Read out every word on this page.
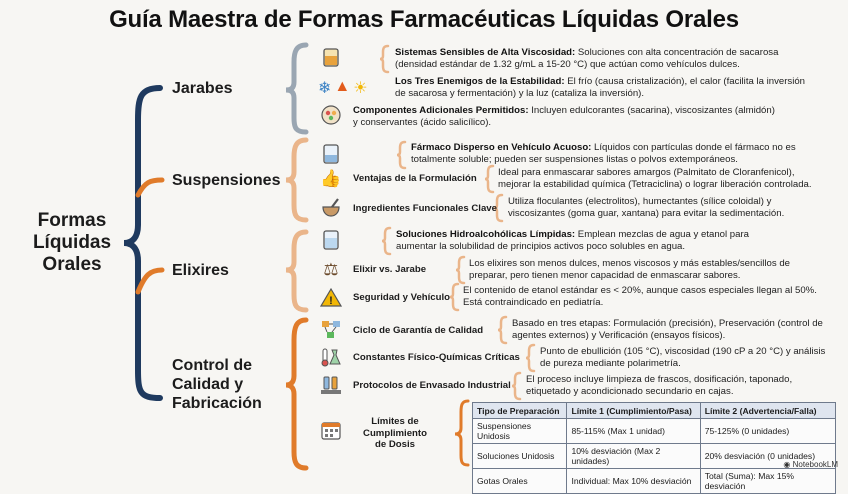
Guía Maestra de Formas Farmacéuticas Líquidas Orales
Formas
Líquidas
Orales
Jarabes
Suspensiones
Elixires
Control de
Calidad y
Fabricación
Sistemas Sensibles de Alta Viscosidad: Soluciones con alta concentración de sacarosa
(densidad estándar de 1.32 g/mL a 15-20 °C) que actúan como vehículos dulces.
❄ ▲ ☀	Los Tres Enemigos de la Estabilidad: El frío (causa cristalización), el calor (facilita la inversión
de sacarosa y fermentación) y la luz (cataliza la inversión).
Componentes Adicionales Permitidos: Incluyen edulcorantes (sacarina), viscosizantes (almidón)
y conservantes (ácido salicílico).
Fármaco Disperso en Vehículo Acuoso: Líquidos con partículas donde el fármaco no es
totalmente soluble; pueden ser suspensiones listas o polvos extemporáneos.
👍 Ventajas de la Formulación
Ideal para enmascarar sabores amargos (Palmitato de Cloranfenicol),
mejorar la estabilidad química (Tetraciclina) o lograr liberación controlada.
Ingredientes Funcionales Clave
Utiliza floculantes (electrolitos), humectantes (sílice coloidal) y
viscosizantes (goma guar, xantana) para evitar la sedimentación.
Soluciones Hidroalcohólicas Límpidas: Emplean mezclas de agua y etanol para
aumentar la solubilidad de principios activos poco solubles en agua.
⚖ Elixir vs. Jarabe
Los elixires son menos dulces, menos viscosos y más estables/sencillos de
preparar, pero tienen menor capacidad de enmascarar sabores.
! Seguridad y Vehículo
El contenido de etanol estándar es < 20%, aunque casos especiales llegan al 50%.
Está contraindicado en pediatría.
Ciclo de Garantía de Calidad
Basado en tres etapas: Formulación (precisión), Preservación (control de
agentes externos) y Verificación (ensayos físicos).
Constantes Físico-Químicas Críticas
Punto de ebullición (105 °C), viscosidad (190 cP a 20 °C) y análisis
de pureza mediante polarimetría.
Protocolos de Envasado Industrial
El proceso incluye limpieza de frascos, dosificación, taponado,
etiquetado y acondicionado secundario en cajas.
Límites de
Cumplimiento
de Dosis
Tipo de Preparación	Límite 1 (Cumplimiento/Pasa)	Límite 2 (Advertencia/Falla)
Suspensiones Unidosis	85-115% (Max 1 unidad)	75-125% (0 unidades)
Soluciones Unidosis	10% desviación (Max 2 unidades)	20% desviación (0 unidades)
Gotas Orales	Individual: Max 10% desviación	Total (Suma): Max 15% desviación
◉ NotebookLM
